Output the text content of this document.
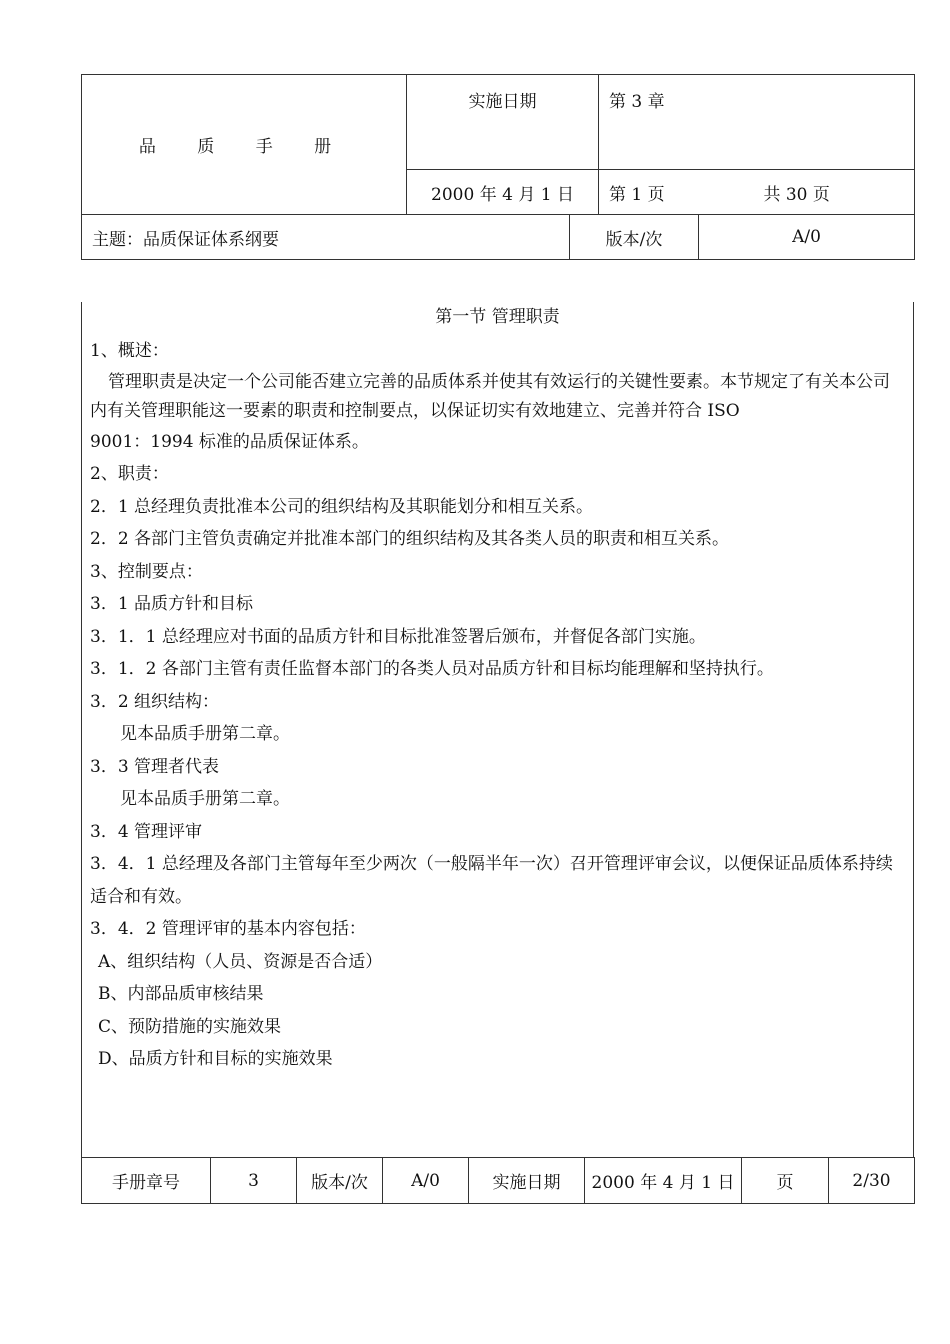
品 质 手 册	实施日期		第 3 章	
	2000 年 4 月 1 日		第 1 页 共 30 页	
主题：品质保证体系纲要		版本/次		A/0
第一节 管理职责

1、概述：

管理职责是决定一个公司能否建立完善的品质体系并使其有效运行的关键性要素。本节规定了有关本公司内有关管理职能这一要素的职责和控制要点，以保证切实有效地建立、完善并符合 ISO

9001：1994 标准的品质保证体系。

2、职责：

2．1 总经理负责批准本公司的组织结构及其职能划分和相互关系。

2．2 各部门主管负责确定并批准本部门的组织结构及其各类人员的职责和相互关系。

3、控制要点：

3．1 品质方针和目标

3．1．1 总经理应对书面的品质方针和目标批准签署后颁布，并督促各部门实施。

3．1．2 各部门主管有责任监督本部门的各类人员对品质方针和目标均能理解和坚持执行。

3．2 组织结构：

见本品质手册第二章。

3．3 管理者代表

见本品质手册第二章。

3．4 管理评审

3．4．1 总经理及各部门主管每年至少两次（一般隔半年一次）召开管理评审会议，以便保证品质体系持续适合和有效。

3．4．2 管理评审的基本内容包括：

A、组织结构（人员、资源是否合适）

B、内部品质审核结果

C、预防措施的实施效果

D、品质方针和目标的实施效果

手册章号	3	版本/次	A/0	实施日期	2000 年 4 月 1 日	页	2/30
